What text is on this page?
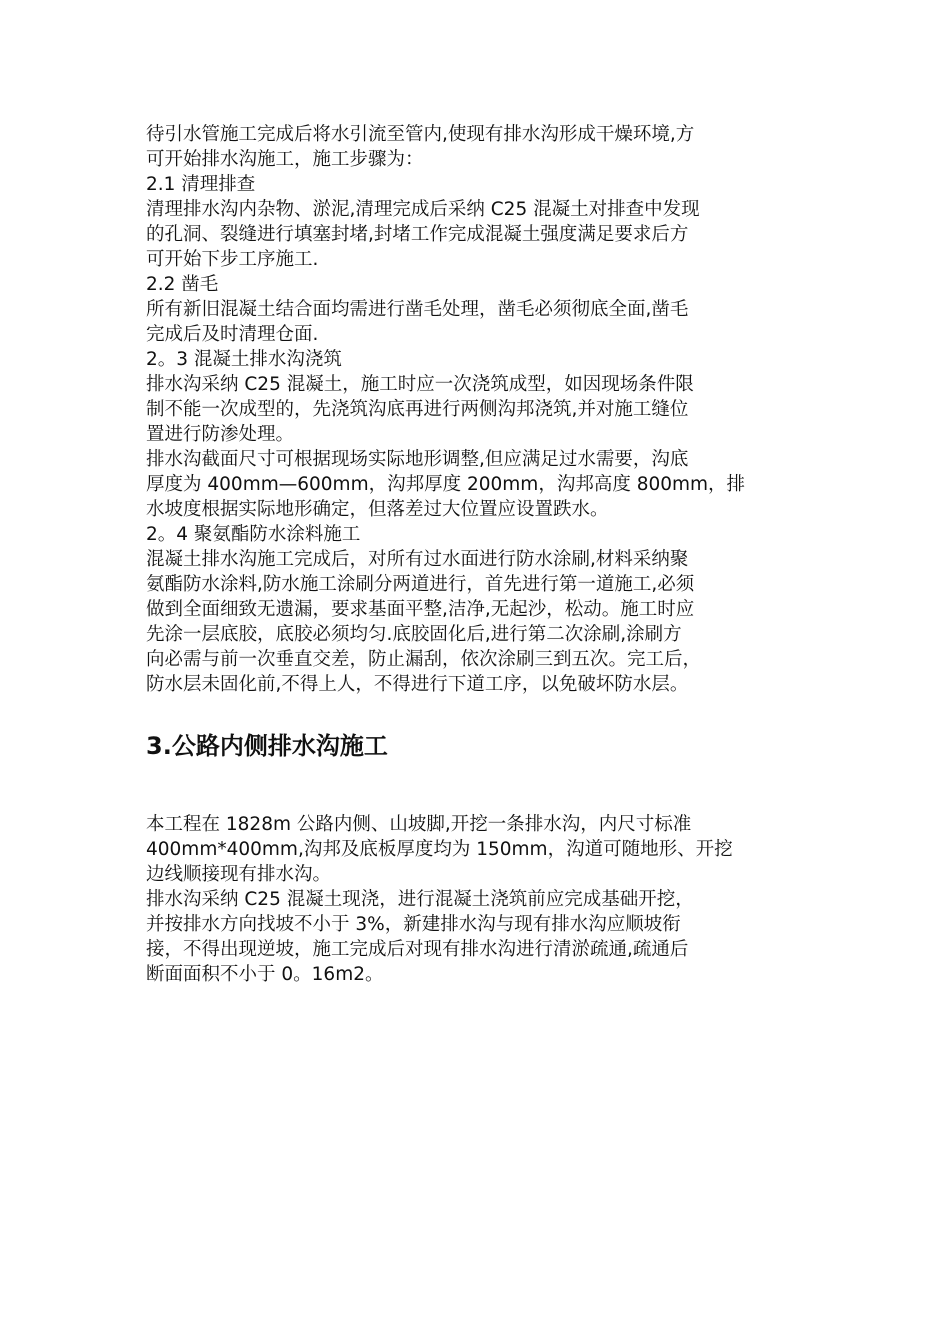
待引水管施工完成后将水引流至管内,使现有排水沟形成干燥环境,方
可开始排水沟施工，施工步骤为：
2.1 清理排查
清理排水沟内杂物、淤泥,清理完成后采纳 C25 混凝土对排查中发现
的孔洞、裂缝进行填塞封堵,封堵工作完成混凝土强度满足要求后方
可开始下步工序施工.
2.2 凿毛
所有新旧混凝土结合面均需进行凿毛处理，凿毛必须彻底全面,凿毛
完成后及时清理仓面.
2。3 混凝土排水沟浇筑
排水沟采纳 C25 混凝土，施工时应一次浇筑成型，如因现场条件限
制不能一次成型的，先浇筑沟底再进行两侧沟邦浇筑,并对施工缝位
置进行防渗处理。
排水沟截面尺寸可根据现场实际地形调整,但应满足过水需要，沟底
厚度为 400mm—600mm，沟邦厚度 200mm，沟邦高度 800mm，排
水坡度根据实际地形确定，但落差过大位置应设置跌水。
2。4 聚氨酯防水涂料施工
混凝土排水沟施工完成后，对所有过水面进行防水涂刷,材料采纳聚
氨酯防水涂料,防水施工涂刷分两道进行，首先进行第一道施工,必须
做到全面细致无遗漏，要求基面平整,洁净,无起沙，松动。施工时应
先涂一层底胶，底胶必须均匀.底胶固化后,进行第二次涂刷,涂刷方
向必需与前一次垂直交差，防止漏刮，依次涂刷三到五次。完工后，
防水层未固化前,不得上人，不得进行下道工序，以免破坏防水层。
3.公路内侧排水沟施工
本工程在 1828m 公路内侧、山坡脚,开挖一条排水沟，内尺寸标准
400mm*400mm,沟邦及底板厚度均为 150mm，沟道可随地形、开挖
边线顺接现有排水沟。
排水沟采纳 C25 混凝土现浇，进行混凝土浇筑前应完成基础开挖，
并按排水方向找坡不小于 3%，新建排水沟与现有排水沟应顺坡衔
接，不得出现逆坡，施工完成后对现有排水沟进行清淤疏通,疏通后
断面面积不小于 0。16m2。
